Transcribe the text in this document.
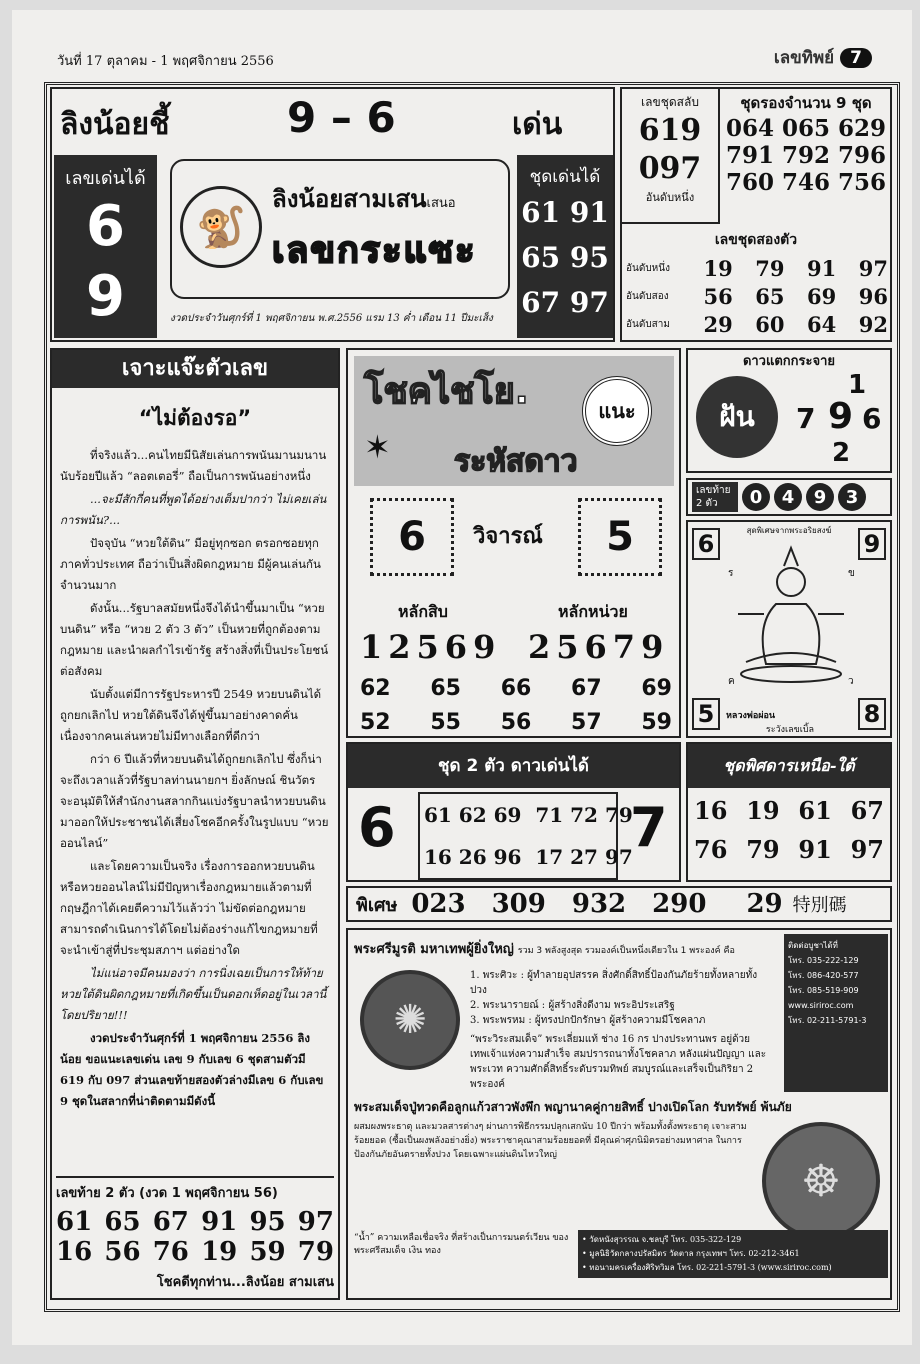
วันที่ 17 ตุลาคม - 1 พฤศจิกายน 2556	เลขทิพย์ 7
ลิงน้อยชี้	9 – 6	เด่น
เลขเด่นได้
6
9
🐒
ลิงน้อยสามเสนเสนอ
เลขกระแซะ
งวดประจำวันศุกร์ที่ 1 พฤศจิกายน พ.ศ.2556 แรม 13 ค่ำ เดือน 11 ปีมะเส็ง
ชุดเด่นได้
61 91
65 95
67 97
เลขชุดสลับ
619
097
อันดับหนึ่ง
ชุดรองจำนวน 9 ชุด
064 065 629
791 792 796
760 746 756
เลขชุดสองตัว
อันดับหนึ่ง	19 79 91 97
อันดับสอง	56 65 69 96
อันดับสาม	29 60 64 92
เจาะแจ๊ะตัวเลข
“ไม่ต้องรอ”

ที่จริงแล้ว...คนไทยมีนิสัยเล่นการพนันมานมนานนับร้อยปีแล้ว “ลอตเตอรี่” ถือเป็นการพนันอย่างหนึ่ง

...จะมีสักกี่คนที่พูดได้อย่างเต็มปากว่า ไม่เคยเล่นการพนัน?...

ปัจจุบัน “หวยใต้ดิน” มีอยู่ทุกซอก ตรอกซอยทุกภาคทั่วประเทศ ถือว่าเป็นสิ่งผิดกฎหมาย มีผู้คนเล่นกันจำนวนมาก

ดังนั้น...รัฐบาลสมัยหนึ่งจึงได้นำขึ้นมาเป็น “หวยบนดิน” หรือ “หวย 2 ตัว 3 ตัว” เป็นหวยที่ถูกต้องตามกฎหมาย และนำผลกำไรเข้ารัฐ สร้างสิ่งที่เป็นประโยชน์ต่อสังคม

นับตั้งแต่มีการรัฐประหารปี 2549 หวยบนดินได้ถูกยกเลิกไป หวยใต้ดินจึงได้ฟูขึ้นมาอย่างคาดคั่นเนื่องจากคนเล่นหวยไม่มีทางเลือกที่ดีกว่า

กว่า 6 ปีแล้วที่หวยบนดินได้ถูกยกเลิกไป ซึ่งก็น่าจะถึงเวลาแล้วที่รัฐบาลท่านนายกฯ ยิ่งลักษณ์ ชินวัตร จะอนุมัติให้สำนักงานสลากกินแบ่งรัฐบาลนำหวยบนดินมาออกให้ประชาชนได้เสี่ยงโชคอีกครั้งในรูปแบบ “หวยออนไลน์”

และโดยความเป็นจริง เรื่องการออกหวยบนดินหรือหวยออนไลน์ไม่มีปัญหาเรื่องกฎหมายแล้วตามที่ กฤษฎีกาได้เคยตีความไว้แล้วว่า ไม่ขัดต่อกฎหมาย สามารถดำเนินการได้โดยไม่ต้องร่างแก้ไขกฎหมายที่จะนำเข้าสู่ที่ประชุมสภาฯ แต่อย่างใด

ไม่แน่อาจมีคนมองว่า การนิ่งเฉยเป็นการให้ท้ายหวยใต้ดินผิดกฎหมายที่เกิดขึ้นเป็นดอกเห็ดอยู่ในเวลานี้โดยปริยาย!!!

งวดประจำวันศุกร์ที่ 1 พฤศจิกายน 2556 ลิงน้อย ขอแนะเลขเด่น เลข 9 กับเลข 6 ชุดสามตัวมี 619 กับ 097 ส่วนเลขท้ายสองตัวล่างมีเลข 6 กับเลข 9 ชุดในสลากที่น่าติดตามมีดังนี้

เลขท้าย 2 ตัว (งวด 1 พฤศจิกายน 56)
61 65 67 91 95 97
16 56 76 19 59 79
โชคดีทุกท่าน...ลิงน้อย สามเสน
โชคไชโย.	แนะ
ระหัสดาว
✶
6	วิจารณ์	5
หลักสิบ	หลักหน่วย
12569 25679
62 65 66 67 69
52 55 56 57 59
ดาวแตกกระจาย
ฝัน
1
7 9 6
2
เลขท้าย 2 ตัว	0	4	9	3
สุดพิเศษจากพระอริยสงฆ์
6	9
5	8
ร	ข
ค	ว
หลวงพ่อผ่อน
ระวังเลขเบิ้ล
ชุด 2 ตัว ดาวเด่นได้
6 61 62 69  71 72 79
16 26 96  17 27 97
7
ชุดพิศดารเหนือ-ใต้
16 19 61 67
76 79 91 97
พิเศษ 023 309 932 290 29 特別碼
พระศรีมูรติ มหาเทพผู้ยิ่งใหญ่ รวม 3 พลังสูงสุด รวมองค์เป็นหนึ่งเดียวใน 1 พระองค์ คือ
✺
1. พระศิวะ : ผู้ทำลายอุปสรรค สิ่งศักดิ์สิทธิ์ป้องกันภัยร้ายทั้งหลายทั้งปวง
2. พระนารายณ์ : ผู้สร้างสิ่งดีงาม พระอิประเสริฐ
3. พระพรหม : ผู้ทรงปกปักรักษา ผู้สร้างความมีโชคลาภ
“พระวิระสมเด็จ” พระเลี่ยมแท้ ช่าง 16 กร ปางประทานพร อยู่ด้วยเทพเจ้าแห่งความสำเร็จ สมปรารถนาทั้งโชคลาภ หลังแผ่นปัญญา และพระเวท ความศักดิ์สิทธิ์ระดับรวมทิพย์ สมบูรณ์และเสร็จเป็นกิริยา 2 พระองค์
ติดต่อบูชาได้ที่
โทร. 035-222-129
โทร. 086-420-577
โทร. 085-519-909
www.siriroc.com
โทร. 02-211-5791-3
พระสมเด็จปู่ทวดคือลูกแก้วสาวพังพึก พญานาคคู่กายสิทธิ์ ปางเปิดโลก รับทรัพย์ พ้นภัย
ผสมผงพระธาตุ และมวลสารต่างๆ ผ่านการพิธีกรรมปลุกเสกนับ 10 ปีกว่า พร้อมทั้งตั้งพระธาตุ เจาะสามร้อยยอด (ซื้อเป็นผงพลังอย่างยิ่ง) พระราชาคุณาสามร้อยยอดที่ มีคุณค่าศุภนิมิตรอย่างมหาศาล ในการ ป้องกันภัยอันตรายทั้งปวง โดยเฉพาะแผ่นดินไหวใหญ่
☸
“น้ำ” ความเหลือเชื่อจริง ที่สร้างเป็นการมนตร์เวียน ของพระศรีสมเด็จ เงิน ทอง
• วัดหนังสุวรรณ จ.ชลบุรี โทร. 035-322-129
• มูลนิธิวัดกลางปรัสมิตร วัดตาล กรุงเทพฯ โทร. 02-212-3461
• ทอนามครเครื่องศิริทวิมล โทร. 02-221-5791-3 (www.siriroc.com)
